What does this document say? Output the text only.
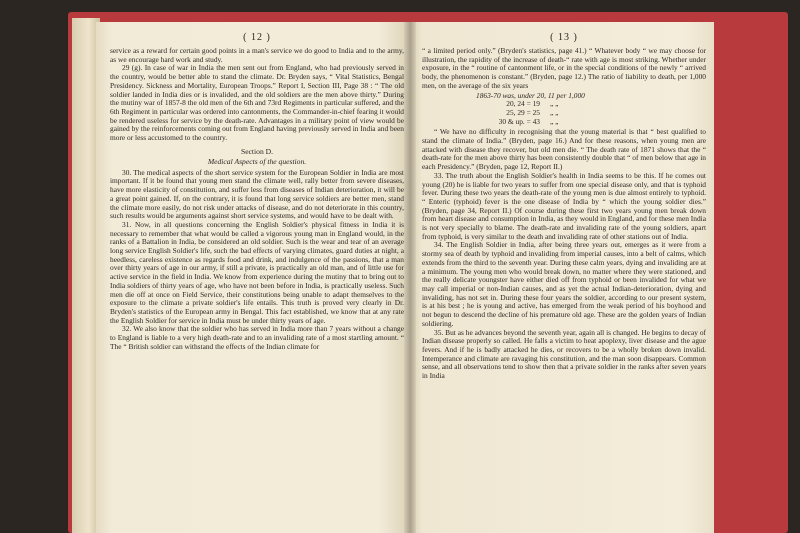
( 12 )

service as a reward for certain good points in a man's service we do good to India and to the army, as we encourage hard work and study.

29 (g). In case of war in India the men sent out from England, who had previously served in the country, would be better able to stand the climate. Dr. Bryden says, “ Vital Statistics, Bengal Presidency. Sickness and Mortality, European Troops.” Report I, Section III, Page 38 : “ The old soldier landed in India dies or is invalided, and the old soldiers are the men above thirty.” During the mutiny war of 1857-8 the old men of the 6th and 73rd Regiments in particular suffered, and the 6th Regiment in particular was ordered into cantonments, the Commander-in-chief fearing it would be rendered useless for service by the death-rate. Advantages in a military point of view would be gained by the reinforcements coming out from England having previously served in India and been more or less accustomed to the country.

Section D.
Medical Aspects of the question.

30. The medical aspects of the short service system for the European Soldier in India are most important. If it be found that young men stand the climate well, rally better from severe diseases, have more elasticity of constitution, and suffer less from diseases of Indian deterioration, it will be a great point gained. If, on the contrary, it is found that long service soldiers are better men, stand the climate more easily, do not risk under attacks of disease, and do not deteriorate in this country, such results would be arguments against short service systems, and would have to be dealt with.

31. Now, in all questions concerning the English Soldier's physical fitness in India it is necessary to remember that what would be called a vigorous young man in England would, in the ranks of a Battalion in India, be considered an old soldier. Such is the wear and tear of an average long service English Soldier's life, such the bad effects of varying climates, guard duties at night, a heedless, careless existence as regards food and drink, and indulgence of the passions, that a man over thirty years of age in our army, if still a private, is practically an old man, and of little use for active service in the field in India. We know from experience during the mutiny that to bring out to India soldiers of thirty years of age, who have not been before in India, is practically useless. Such men die off at once on Field Service, their constitutions being unable to adapt themselves to the exposure to the climate a private soldier's life entails. This truth is proved very clearly in Dr. Bryden's statistics of the European army in Bengal. This fact established, we know that at any rate the English Soldier for service in India must be under thirty years of age.

32. We also know that the soldier who has served in India more than 7 years without a change to England is liable to a very high death-rate and to an invaliding rate of a most startling amount. “ The “ British soldier can withstand the effects of the Indian climate for

( 13 )

“ a limited period only.” (Bryden's statistics, page 41.) “ Whatever body “ we may choose for illustration, the rapidity of the increase of death-“ rate with age is most striking. Whether under exposure, in the “ routine of cantonment life, or in the special conditions of the newly “ arrived body, the phenomenon is constant.” (Bryden, page 12.) The ratio of liability to death, per 1,000 men, on the average of the six years

1863-70 was, under 20, 11 per 1,000
20, 24 = 19	„ „
25, 29 = 25	„ „
30 & up. = 43	„ „

“ We have no difficulty in recognising that the young material is that “ best qualified to stand the climate of India.” (Bryden, page 16.) And for these reasons, when young men are attacked with disease they recover, but old men die. “ The death rate of 1871 shows that the “ death-rate for the men above thirty has been consistently double that “ of men below that age in each Presidency.” (Bryden, page 12, Report II.)

33. The truth about the English Soldier's health in India seems to be this. If he comes out young (20) he is liable for two years to suffer from one special disease only, and that is typhoid fever. During these two years the death-rate of the young men is due almost entirely to typhoid. “ Enteric (typhoid) fever is the one disease of India by “ which the young soldier dies.” (Bryden, page 34, Report II.) Of course during these first two years young men break down from heart disease and consumption in India, as they would in England, and for these men India is not very specially to blame. The death-rate and invaliding rate of the young soldiers, apart from typhoid, is very similar to the death and invaliding rate of other stations out of India.

34. The English Soldier in India, after being three years out, emerges as it were from a stormy sea of death by typhoid and invaliding from imperial causes, into a belt of calms, which extends from the third to the seventh year. During these calm years, dying and invaliding are at a minimum. The young men who would break down, no matter where they were stationed, and the really delicate youngster have either died off from typhoid or been invalided for what we may call imperial or non-Indian causes, and as yet the actual Indian-deterioration, dying and invaliding, has not set in. During these four years the soldier, according to our present system, is at his best ; he is young and active, has emerged from the weak period of his boyhood and not begun to descend the decline of his premature old age. These are the golden years of Indian soldiering.

35. But as he advances beyond the seventh year, again all is changed. He begins to decay of Indian disease properly so called. He falls a victim to heat apoplexy, liver disease and the ague fevers. And if he is badly attacked he dies, or recovers to be a wholly broken down invalid. Intemperance and climate are ravaging his constitution, and the man soon disappears. Common sense, and all observations tend to show then that a private soldier in the ranks after seven years in India
